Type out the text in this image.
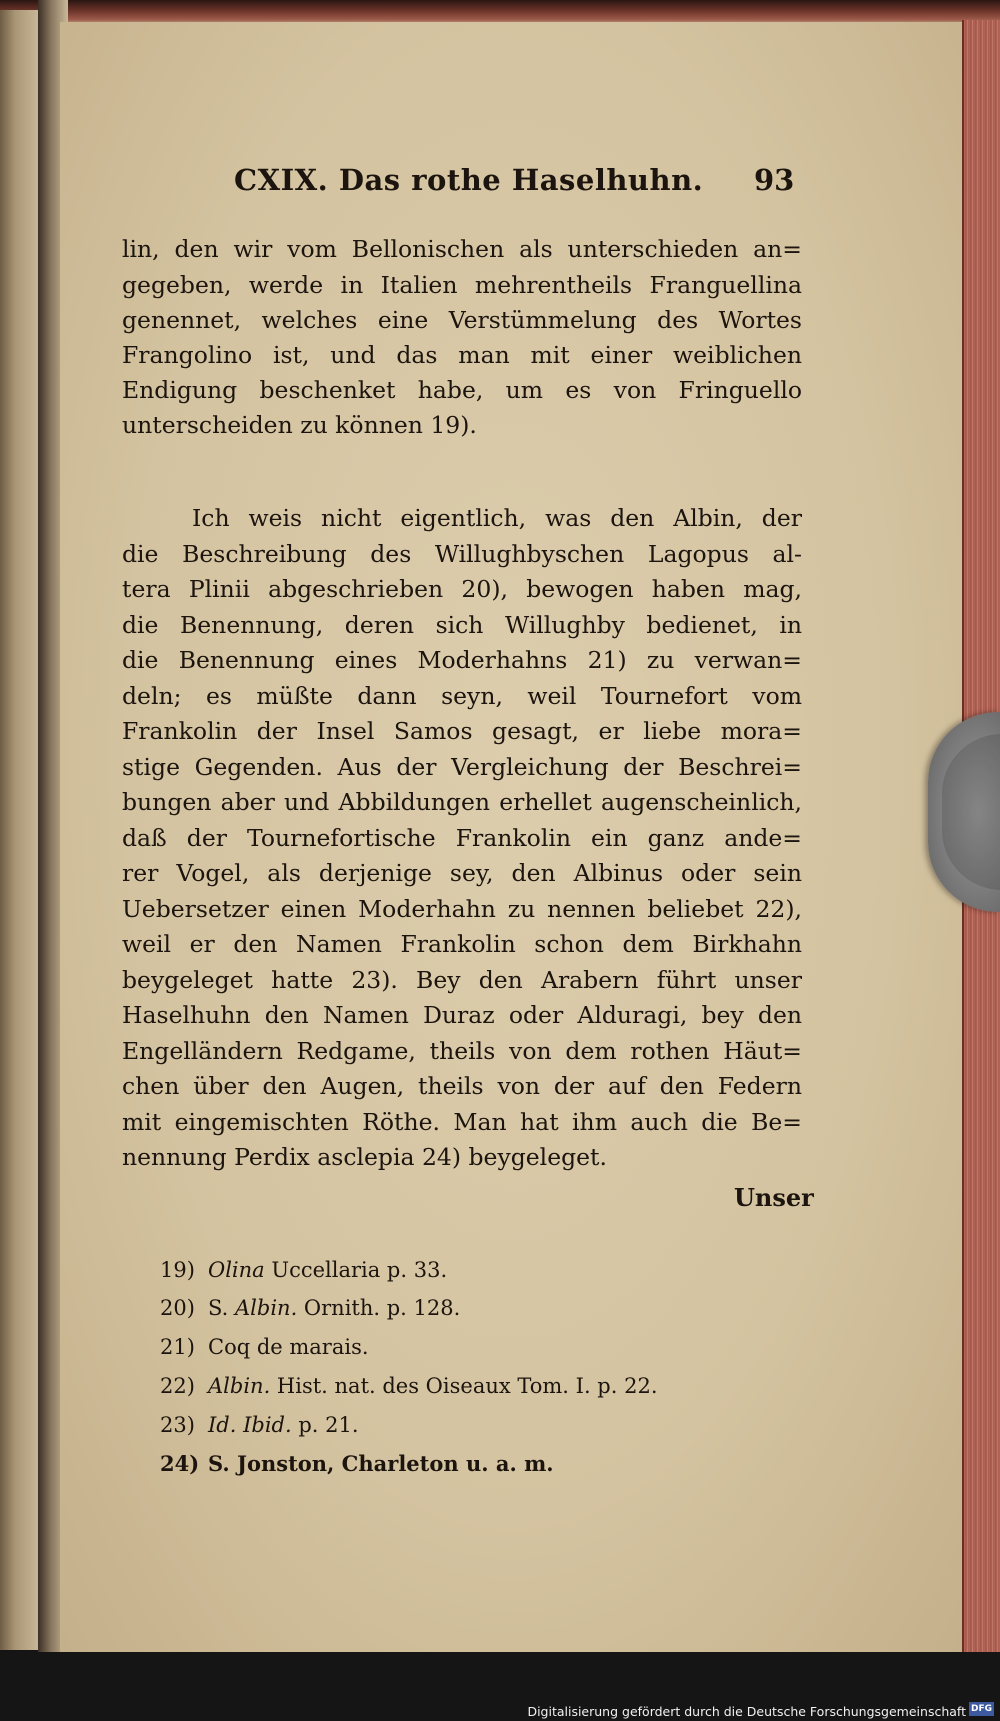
CXIX. Das rothe Haselhuhn. 93
lin, den wir vom Bellonischen als unterschieden an=
gegeben, werde in Italien mehrentheils Franguellina
genennet, welches eine Verstümmelung des Wortes
Frangolino ist, und das man mit einer weiblichen
Endigung beschenket habe, um es von Fringuello
unterscheiden zu können 19).
Ich weis nicht eigentlich, was den Albin, der
die Beschreibung des Willughbyschen Lagopus al-
tera Plinii abgeschrieben 20), bewogen haben mag,
die Benennung, deren sich Willughby bedienet, in
die Benennung eines Moderhahns 21) zu verwan=
deln; es müßte dann seyn, weil Tournefort vom
Frankolin der Insel Samos gesagt, er liebe mora=
stige Gegenden. Aus der Vergleichung der Beschrei=
bungen aber und Abbildungen erhellet augenscheinlich,
daß der Tournefortische Frankolin ein ganz ande=
rer Vogel, als derjenige sey, den Albinus oder sein
Uebersetzer einen Moderhahn zu nennen beliebet 22),
weil er den Namen Frankolin schon dem Birkhahn
beygeleget hatte 23). Bey den Arabern führt unser
Haselhuhn den Namen Duraz oder Alduragi, bey den
Engelländern Redgame, theils von dem rothen Häut=
chen über den Augen, theils von der auf den Federn
mit eingemischten Röthe. Man hat ihm auch die Be=
nennung Perdix asclepia 24) beygeleget.
Unser
19) Olina Uccellaria p. 33.
20) S. Albin. Ornith. p. 128.
21) Coq de marais.
22) Albin. Hist. nat. des Oiseaux Tom. I. p. 22.
23) Id. Ibid. p. 21.
24) S. Jonston, Charleton u. a. m.
Digitalisierung gefördert durch die Deutsche Forschungsgemeinschaft DFG
